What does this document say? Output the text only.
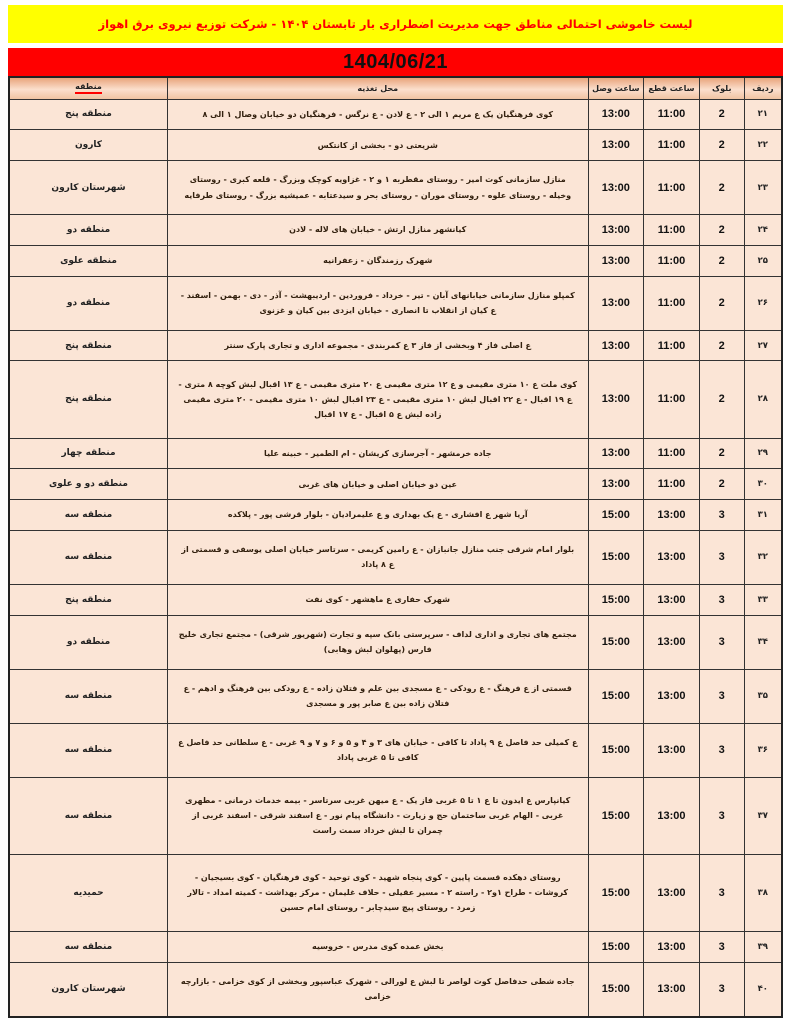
لیست خاموشی احتمالی مناطق جهت مدیریت اضطراری بار تابستان ۱۴۰۴ - شرکت توزیع نیروی برق اهواز
1404/06/21
ردیف	بلوک	ساعت قطع	ساعت وصل	محل تغذیه	منطقه
۲۱	2	11:00	13:00	کوی فرهنگیان یک ع مریم ۱ الی ۲ - ع لادن - ع نرگس - فرهنگیان دو خیابان وصال ۱ الی ۸	منطقه پنج
۲۲	2	11:00	13:00	شریعتی دو - بخشی از کانتکس	کارون
۲۳	2	11:00	13:00	منازل سازمانی کوت امیر - روستای مقطربه ۱ و ۲ - غزاویه کوچک وبزرگ - قلعه کبری - روستای وخیله - روستای علوه - روستای موران - روستای بحر و سیدعتابه - عمیشیه بزرگ - روستای طرفایه	شهرستان کارون
۲۴	2	11:00	13:00	کیانشهر منازل ارتش - خیابان های لاله - لادن	منطقه دو
۲۵	2	11:00	13:00	شهرک رزمندگان - زعفرانیه	منطقه علوی
۲۶	2	11:00	13:00	کمپلو منازل سازمانی خیابانهای آبان - تیر - خرداد - فروردین - اردیبهشت - آذر - دی - بهمن - اسفند - ع کیان از انقلاب تا انصاری - خیابان ایزدی بین کیان و غزنوی	منطقه دو
۲۷	2	11:00	13:00	ع اصلی فاز ۴ وبخشی از فاز ۳ ع کمربندی - مجموعه اداری و تجاری پارک سنتر	منطقه پنج
۲۸	2	11:00	13:00	کوی ملت ع ۱۰ متری مقیمی و ع ۱۲ متری مقیمی ع ۲۰ متری مقیمی - ع ۱۳ اقبال لبش کوچه ۸ متری - ع ۱۹ اقبال - ع ۲۲ اقبال لبش ۱۰ متری مقیمی - ع ۲۳ اقبال لبش ۱۰ متری مقیمی - ۲۰ متری مقیمی زاده لبش ع ۵ اقبال - ع ۱۷ اقبال	منطقه پنج
۲۹	2	11:00	13:00	جاده خرمشهر - آجرسازی کریشان - ام الطمیر - خبینه علیا	منطقه چهار
۳۰	2	11:00	13:00	عین دو خیابان اصلی و خیابان های غربی	منطقه دو و علوی
۳۱	3	13:00	15:00	آریا شهر ع افشاری - ع یک بهداری و ع علیمرادیان - بلوار قرشی پور - پلاکده	منطقه سه
۳۲	3	13:00	15:00	بلوار امام شرقی جنب منازل جانبازان - ع رامین کریمی - سرتاسر خیابان اصلی یوسفی و قسمتی از ع ۸ پاداد	منطقه سه
۳۳	3	13:00	15:00	شهرک حفاری ع ماهشهر - کوی نفت	منطقه پنج
۳۴	3	13:00	15:00	مجتمع های تجاری و اداری لداف - سرپرستی بانک سپه و تجارت (شهریور شرقی) - مجتمع تجاری خلیج فارس (پهلوان لبش وهابی)	منطقه دو
۳۵	3	13:00	15:00	قسمتی از ع فرهنگ - ع رودکی - ع مسجدی بین علم و فتلان زاده - ع رودکی بین فرهنگ و ادهم - ع فتلان زاده بین ع صابر پور و مسجدی	منطقه سه
۳۶	3	13:00	15:00	ع کمیلی حد فاصل ع ۹ پاداد تا کافی - خیابان های ۳ و ۴ و ۵ و ۶ و ۷ و ۹ غربی - ع سلطانی حد فاصل ع کافی تا ۵ غربی پاداد	منطقه سه
۳۷	3	13:00	15:00	کیانپارس ع ایدون تا ع ۱ تا ۵ غربی فاز یک - ع میهن غربی سرتاسر - بیمه خدمات درمانی - مطهری غربی - الهام غربی ساختمان حج و زیارت - دانشگاه پیام نور - ع اسفند شرقی - اسفند غربی از چمران تا لبش خرداد سمت راست	منطقه سه
۳۸	3	13:00	15:00	روستای دهکده قسمت پایین - کوی پنجاه شهید - کوی توحید - کوی فرهنگیان - کوی بسیجیان - کروشات - طراح ۱و۲ - راسته ۲ - مسیر عقیلی - حلاف غلیمان - مرکز بهداشت - کمیته امداد - تالار زمرد - روستای پیچ سیدچابر - روستای امام حسین	حمیدیه
۳۹	3	13:00	15:00	بخش عمده کوی مدرس - خروسیه	منطقه سه
۴۰	3	13:00	15:00	جاده شطی حدفاصل کوت لواصر تا لبش ع لورالی - شهرک عباسپور وبخشی از کوی خزامی - بازارچه خزامی	شهرستان کارون
